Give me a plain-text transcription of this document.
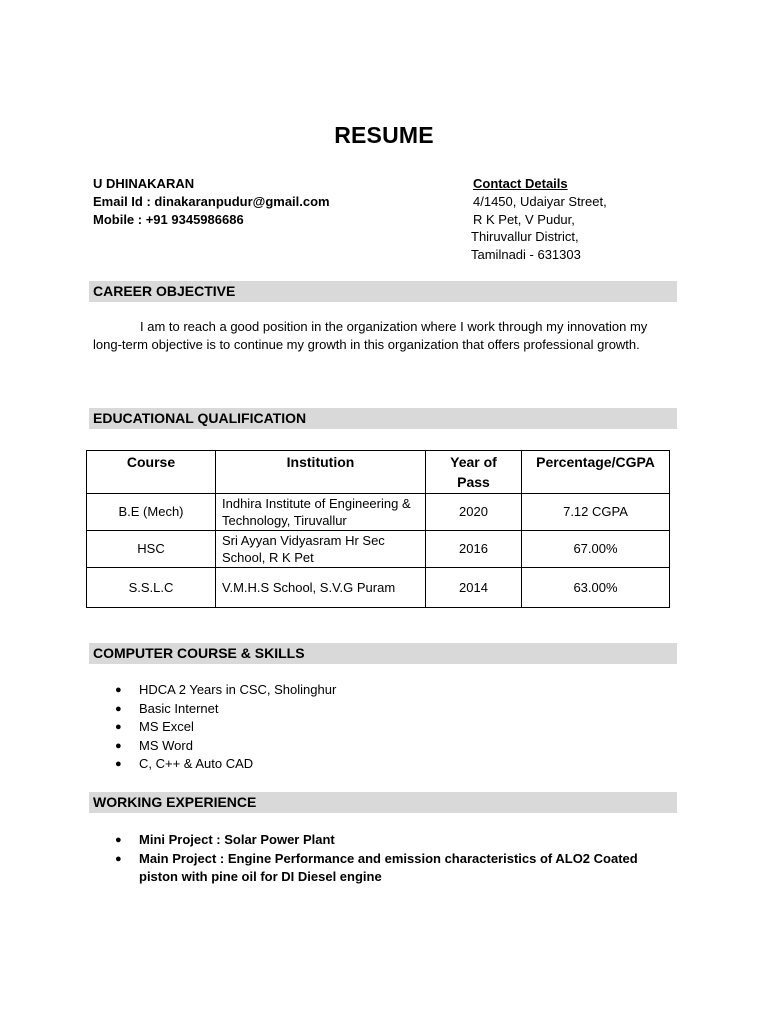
RESUME
U DHINAKARAN
Email Id : dinakaranpudur@gmail.com
Mobile : +91 9345986686
Contact Details
4/1450, Udaiyar Street,
R K Pet, V Pudur,
Thiruvallur District,
Tamilnadi - 631303
CAREER OBJECTIVE
I am to reach a good position in the organization where I work through my innovation my long-term objective is to continue my growth in this organization that offers professional growth.
EDUCATIONAL QUALIFICATION
Course	Institution	Year of Pass	Percentage/CGPA
B.E (Mech)	Indhira Institute of Engineering & Technology, Tiruvallur	2020	7.12 CGPA
HSC	Sri Ayyan Vidyasram Hr Sec School, R K Pet	2016	67.00%
S.S.L.C	V.M.H.S School, S.V.G Puram	2014	63.00%
COMPUTER COURSE & SKILLS
● HDCA 2 Years in CSC, Sholinghur
● Basic Internet
● MS Excel
● MS Word
● C, C++ & Auto CAD
WORKING EXPERIENCE
● Mini Project : Solar Power Plant
● Main Project : Engine Performance and emission characteristics of ALO2 Coated piston with pine oil for DI Diesel engine
